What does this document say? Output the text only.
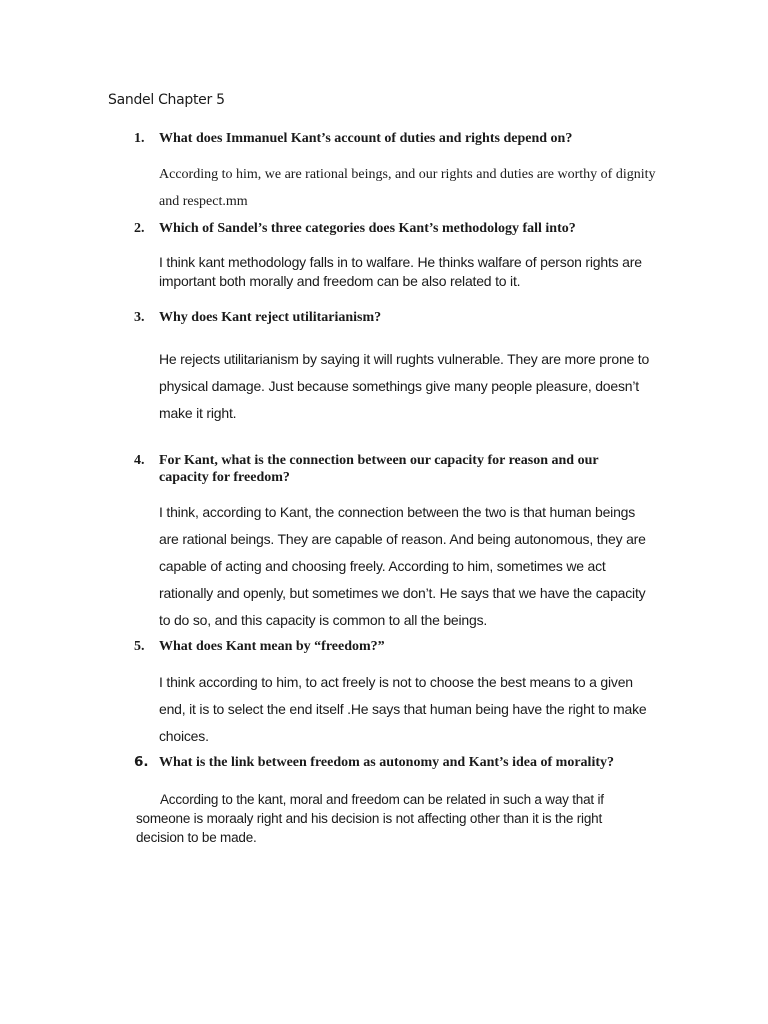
Sandel Chapter 5
1.	What does Immanuel Kant’s account of duties and rights depend on?

According to him, we are rational beings, and our rights and duties are worthy of dignity and respect.mm

2.	Which of Sandel’s three categories does Kant’s methodology fall into?

I think kant methodology falls in to walfare. He thinks walfare of person rights are important both morally and freedom can be also related to it.

3.	Why does Kant reject utilitarianism?

He rejects utilitarianism by saying it will rughts vulnerable. They are more prone to physical damage. Just because somethings give many people pleasure, doesn’t make it right.

4.	For Kant, what is the connection between our capacity for reason and our capacity for freedom?

I think, according to Kant, the connection between the two is that human beings are rational beings. They are capable of reason. And being autonomous, they are capable of acting and choosing freely. According to him, sometimes we act rationally and openly, but sometimes we don’t. He says that we have the capacity to do so, and this capacity is common to all the beings.

5.	What does Kant mean by “freedom?”

I think according to him, to act freely is not to choose the best means to a given end, it is to select the end itself .He says that human being have the right to make choices.

6. What is the link between freedom as autonomy and Kant’s idea of morality?

According to the kant, moral and freedom can be related in such a way that if someone is moraaly right and his decision is not affecting other than it is the right decision to be made.
